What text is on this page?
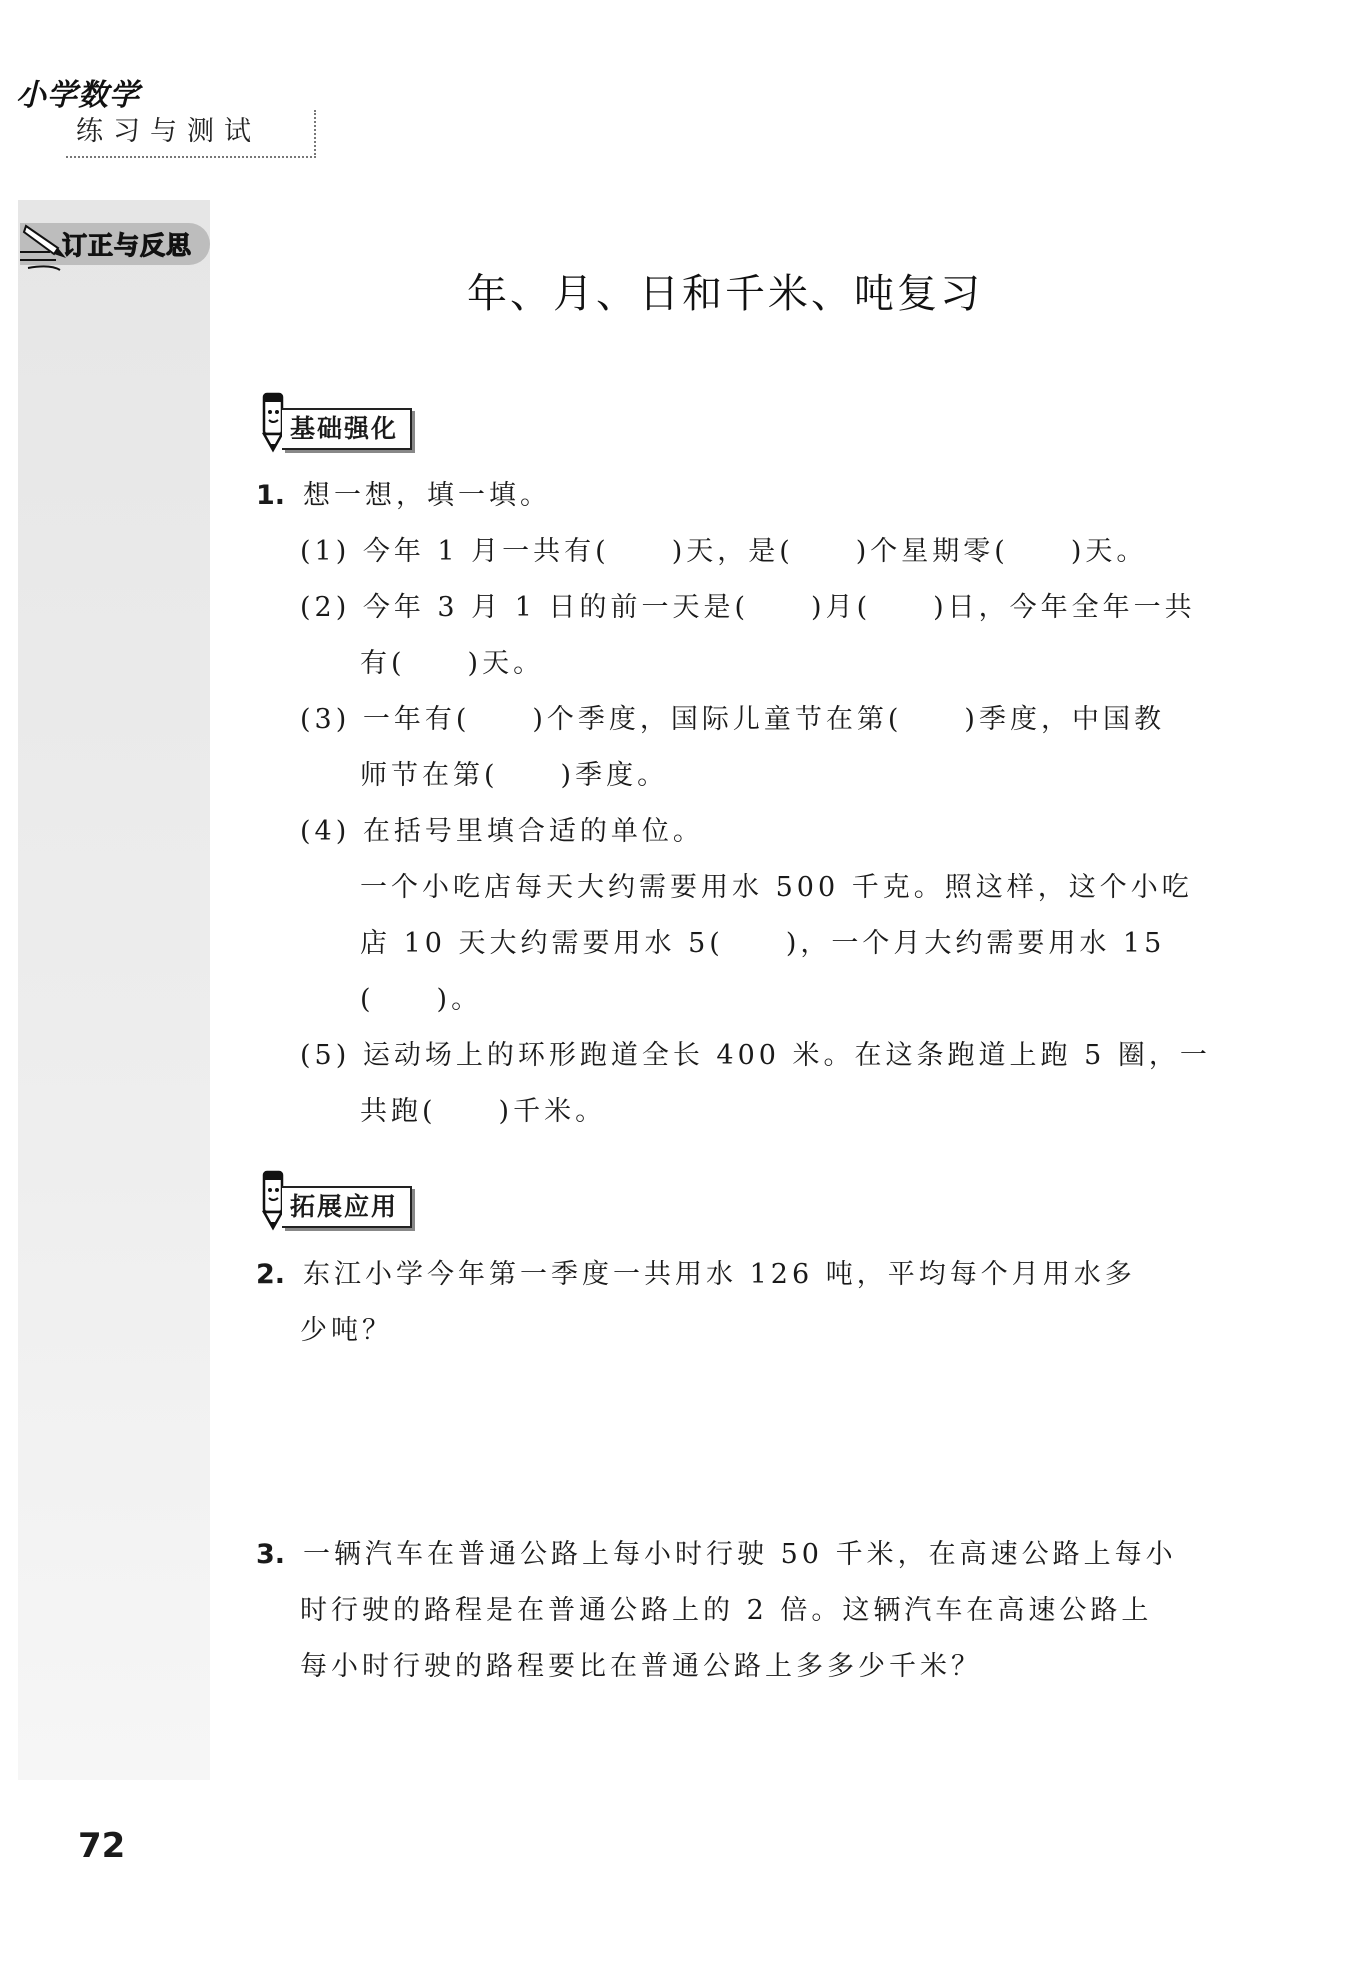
小学数学
练习与测试
订正与反思
年、月、日和千米、吨复习
基础强化
1. 想一想，填一填。
(1) 今年 1 月一共有(　　)天，是(　　)个星期零(　　)天。
(2) 今年 3 月 1 日的前一天是(　　)月(　　)日，今年全年一共
有(　　)天。
(3) 一年有(　　)个季度，国际儿童节在第(　　)季度，中国教
师节在第(　　)季度。
(4) 在括号里填合适的单位。
一个小吃店每天大约需要用水 500 千克。照这样，这个小吃
店 10 天大约需要用水 5(　　)，一个月大约需要用水 15
(　　)。
(5) 运动场上的环形跑道全长 400 米。在这条跑道上跑 5 圈，一
共跑(　　)千米。
拓展应用
2. 东江小学今年第一季度一共用水 126 吨，平均每个月用水多
少吨？
3. 一辆汽车在普通公路上每小时行驶 50 千米，在高速公路上每小
时行驶的路程是在普通公路上的 2 倍。这辆汽车在高速公路上
每小时行驶的路程要比在普通公路上多多少千米？
72
